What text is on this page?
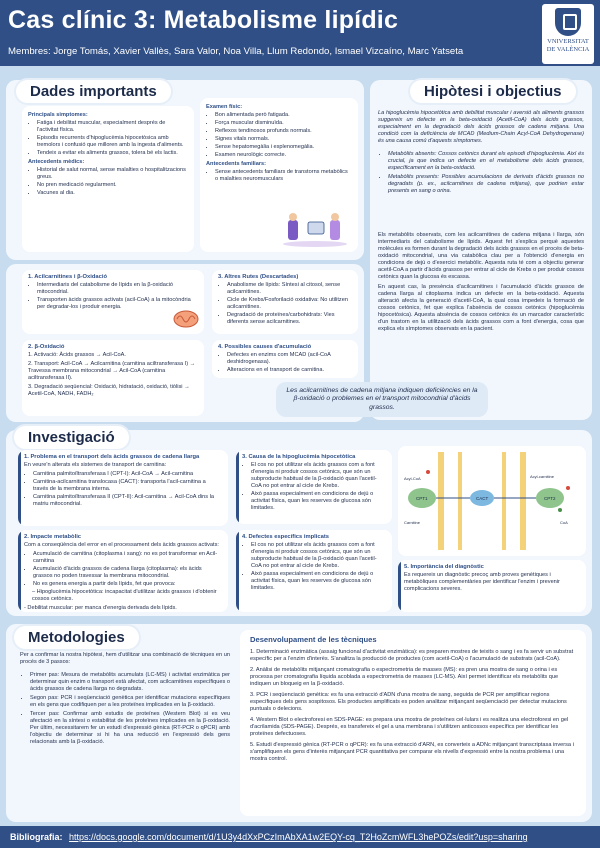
Cas clínic 3: Metabolisme lipídic
Membres: Jorge Tomás, Xavier Vallès, Sara Valor, Noa Villa, Llum Redondo, Ismael Vizcaíno, Marc Yatseta
VNIVERSITAT
DE VALÈNCIA
Dades importants
Principals simptomes:
• Fatiga i debilitat muscular, especialment després de l'activitat física.
• Episodis recurrents d'hipoglucèmia hipocetòsica amb tremolors i confusió que milloren amb la ingesta d'aliments.
• Tendeix a evitar els aliments grassos, tolera bé els lactis.
Antecedents mèdics:
• Historial de salut normal, sense malalties o hospitalitzacions greus.
• No pren medicació regularment.
• Vacunes al dia.
Examen físic:
• Bon alimentada però fatigada.
• Força muscular disminuïda.
• Reflexos tendinosos profunds normals.
• Signes vitals normals.
• Sense hepatomegàlia i esplenomegàlia.
• Examen neurològic correcte.
Antecedents familiars:
• Sense antecedents familiars de transtorns metabòlics o malalties neuromusculars
Hipòtesi i objectius

La hipoglucèmia hipocetòtica amb debilitat muscular i aversió als aliments grassos suggereix un defecte en la beta-oxidació (Acetil-CoA) dels àcids grassos, especialment en la degradació dels àcids grassos de cadena mitjana. Una condició com la deficiència de MCAD (Medium-Chain Acyl-CoA Dehydrogenase) és una causa comú d'aquests símptomes.

• Metabòlits absents: Cossos cetònics durant els episodi d'hipoglucèmia. Així és crucial, ja que indica un defecte en el metabolisme dels àcids grassos, específicament en la beta-oxidació.
• Metabòlits presents: Possibles acumulacions de derivats d'àcids grassos no degradats (p. ex., acilcarnitines de cadena mitjana), que podrien estar presents en sang o orina.

Els metabòlits observats, com les acilcarnitines de cadena mitjana i llarga, són intermediaris del catabolisme de lípids. Aquest fet s'explica perquè aquestes molècules es formen durant la degradació dels àcids grassos en el procés de beta-oxidació mitocondrial, una via catabòlica clau per a l'obtenció d'energia en condicions de dejú o d'exercici metabòlic. Aquesta ruta té com a objectiu generar acetil-CoA a partir d'àcids grassos per entrar al cicle de Krebs o per produir cossos cetònics quan la glucosa és escassa.

En aquest cas, la presència d'acilcarnitines i l'acumulació d'àcids grassos de cadena llarga al citoplasma indica un defecte en la beta-oxidació. Aquesta alteració afecta la generació d'acetil-CoA, la qual cosa impedeix la formació de cossos cetònics, fet que explica l'absència de cossos cetònics (hipoglucèmia hipocetòsica). Aquesta absència de cossos cetònics és un marcador característic d'un trastorn en la utilització dels àcids grassos com a font d'energia, cosa que explica els símptomes observats en la pacient.

1. Acilcarnitines i β-Oxidació
• Intermediaris del catabolisme de lípids en la β-oxidació mitocondrial.
• Transporten àcids grassos activats (acil-CoA) a la mitocòndria per degradar-los i produir energia.
2. β-Oxidació

1. Activació: Àcids grassos → Acil-CoA.

2. Transport: Acil-CoA → Acilcarnitina (carnitina aciltransferasa I) → Travessa membrana mitocondrial → Acil-CoA (carnitina aciltransferasa II).

3. Degradació seqüencial: Oxidació, hidratació, oxidació, tiòlisi → Acetil-CoA, NADH, FADH₂

3. Altres Rutes (Descartades)
• Anabolisme de lípids: Síntesi al citosol, sense acilcarnitines.
• Cicle de Krebs/Fosforilació oxidativa: No utilitzen acilcarnitines.
• Degradació de proteïnes/carbohidrats: Vies diferents sense acilcarnitines.
4. Possibles causes d'acumulació
• Defectes en enzims com MCAD (acil-CoA deshidrogenasa).
• Alteracions en el transport de carnitina.
Les acilcarnitines de cadena mitjana indiquen deficiències en la β-oxidació o problemes en el transport mitocondrial d'àcids grassos.
Investigació
1. Problema en el transport dels àcids grassos de cadena llarga

En veure'n alterats els sistemes de transport de carnitina:

• Carnitina palmitoïltransferasa I (CPT-I): Acil-CoA → Acil-carnitina
• Carnitina-acilcarnitina translocasa (CACT): transporta l'acil-carnitina a través de la membrana interna.
• Carnitina palmitoïltransferasa II (CPT-II): Acil-carnitina → Acil-CoA dins la matriu mitocondrial.
2. Impacte metabòlic

Com a conseqüència del error en el processament dels àcids grassos activats:

• Acumulació de carnitina (citoplasma i sang): no es pot transformar en Acil-carnitina
• Acumulació d'àcids grassos de cadena llarga (citoplasma): els àcids grassos no poden travessar la membrana mitocondrial.
• No es genera energia a partir dels lípids, fet que provoca:

– Hipoglucèmia hipocetòtica: incapacitat d'utilitzar àcids grassos i d'obtenir cossos cetònics.

- Debilitat muscular: per manca d'energia derivada dels lípids.

3. Causa de la hipoglucèmia hipocetòtica
• El cos no pot utilitzar els àcids grassos com a font d'energia ni produir cossos cetònics, que són un subproducte habitual de la β-oxidació quan l'acetil-CoA no pot entrar al cicle de Krebs.
• Això passa especialment en condicions de dejú o activitat física, quan les reserves de glucosa són limitades.
4. Defectes específics implicats
• El cos no pot utilitzar els àcids grassos com a font d'energia ni produir cossos cetònics, que són un subproducte habitual de la β-oxidació quan l'acetil-CoA no pot entrar al cicle de Krebs.
• Això passa especialment en condicions de dejú o activitat física, quan les reserves de glucosa són limitades.
CPT1	CACT	CPT2
Acyl-CoA
Carnitine
Acyl-carnitine
CoA
5. Importància del diagnòstic

Es requereix un diagnòstic precoç amb proves genètiques i metabòliques complementàries per identificar l'enzim i prevenir complicacions severes.

Metodologies

Per a confirmar la nostra hipòtesi, hem d'utilitzar una combinació de tècniques en un procés de 3 passos:

• Primer pas: Mesura de metabòlits acumulats (LC-MS) i activitat enzimàtica per determinar quin enzim o transport està afectat, com acilcarnitines específiques o àcids grassos de cadena llarga no degradats.
• Segon pas: PCR i seqüenciació genètica per identificar mutacions específiques en els gens que codifiquen per a les proteïnes implicades en la β-oxidació.
• Tercer pas: Confirmar amb estudis de proteïnes (Western Blot) si es veu afectació en la síntesi o estabilitat de les proteïnes implicades en la β-oxidació. Per últim, necessitarem fer un estudi d'expressió gènica (RT-PCR o qPCR) amb l'objectiu de determinar si hi ha una reducció en l'expressió dels gens relacionats amb la β-oxidació.
Desenvolupament de les tècniques

1. Determinació enzimàtica (assaig funcional d'activitat enzimàtica): es preparen mostres de teixits o sang i es fa servir un substrat específic per a l'enzim d'interès. S'analitza la producció de productes (com acetil-CoA) o l'acumulació de substrats (acil-CoA).

2. Anàlisi de metabòlits mitjançant cromatografia o espectrometria de masses (MS): es pren una mostra de sang o orina i es processa per cromatografia líquida acoblada a espectrometria de masses (LC-MS). Així permet identificar els metabòlits que indiquen un bloqueig en la β-oxidació.

3. PCR i seqüenciació genètica: es fa una extracció d'ADN d'una mostra de sang, seguida de PCR per amplificar regions específiques dels gens sospitosos. Els productes amplificats es poden analitzar mitjançant seqüenciació per detectar mutacions puntuals o delecions.

4. Western Blot o electroforesi en SDS-PAGE: es prepara una mostra de proteïnes cel·lulars i es realitza una electroforesi en gel d'acrilamida (SDS-PAGE). Després, es transfereix el gel a una membrana i s'utilitzen anticossos específics per identificar les proteïnes defectuoses.

5. Estudi d'expressió gènica (RT-PCR o qPCR): es fa una extracció d'ARN, es converteix a ADNc mitjançant transcriptasa inversa i s'amplifiquen els gens d'interès mitjançant PCR quantitativa per comparar els nivells d'expressió entre la nostra problema i una mostra control.

Bibliografia: https://docs.google.com/document/d/1U3y4dXxPCzImAbXA1w2EQY-cq_T2HoZcmWFL3hePOZs/edit?usp=sharing
